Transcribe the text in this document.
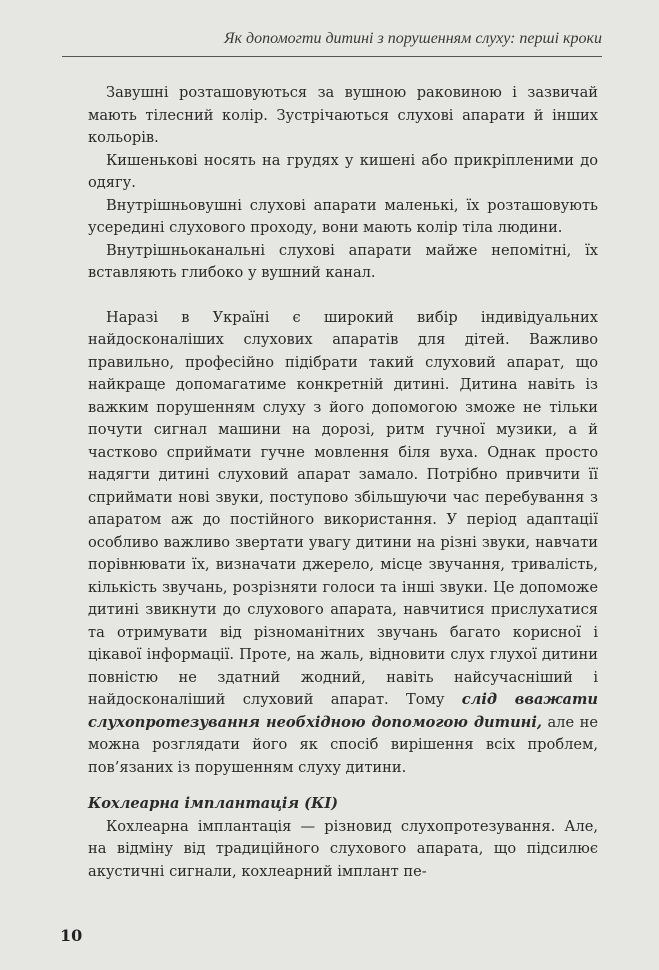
Як допомогти дитині з порушенням слуху: перші кроки

Завушні розташовуються за вушною раковиною і зазвичай мають тілесний колір. Зустрічаються слухові апарати й інших кольорів.

Кишенькові носять на грудях у кишені або прикріпленими до одягу.

Внутрішньовушні слухові апарати маленькі, їх розташовують усередині слухового проходу, вони мають колір тіла людини.

Внутрішньоканальні слухові апарати майже непомітні, їх вставляють глибоко у вушний канал.

Наразі в Україні є широкий вибір індивідуальних найдосконаліших слухових апаратів для дітей. Важливо правильно, професійно підібрати такий слуховий апарат, що найкраще допомагатиме конкретній дитині. Дитина навіть із важким порушенням слуху з його допомогою зможе не тільки почути сигнал машини на дорозі, ритм гучної музики, а й частково сприймати гучне мовлення біля вуха. Однак просто надягти дитині слуховий апарат замало. Потрібно привчити її сприймати нові звуки, поступово збільшуючи час перебування з апаратом аж до постійного використання. У період адаптації особливо важливо звертати увагу дитини на різні звуки, навчати порівнювати їх, визначати джерело, місце звучання, тривалість, кількість звучань, розрізняти голоси та інші звуки. Це допоможе дитині звикнути до слухового апарата, навчитися прислухатися та отримувати від різноманітних звучань багато корисної і цікавої інформації. Проте, на жаль, відновити слух глухої дитини повністю не здатний жодний, навіть найсучасніший і найдосконаліший слуховий апарат. Тому слід вважати слухопротезування необхідною допомогою дитині, але не можна розглядати його як спосіб вирішення всіх проблем, пов’язаних із порушенням слуху дитини.

Кохлеарна імплантація (КІ)

Кохлеарна імплантація — різновид слухопротезування. Але, на відміну від традиційного слухового апарата, що підсилює акустичні сигнали, кохлеарний імплант пе-

10
